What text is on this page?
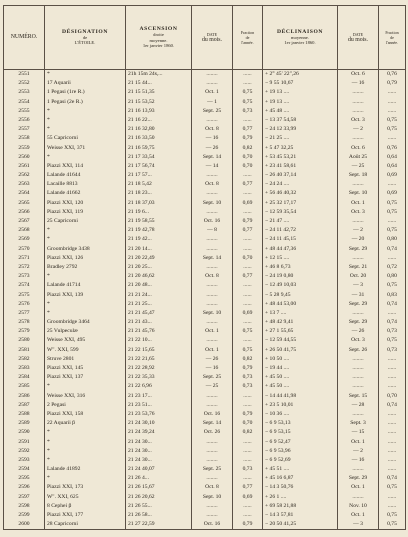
NUMÉRO.	DÉSIGNATION
de
L'ÉTOILE.	ASCENSION
droite
moyenne.
1er janvier 1860.	DATE
du mois.	Fraction
de
l'année.	DÉCLINAISON
moyenne.
1er janvier 1860.	DATE
du mois.	Fraction
de
l'année.

2551	*	21h 15m 24s,...	........	......	+ 2° 45' 22",26	Oct. 6	0,76
2552	17 Aquarii	21 15 44...	........	......	− 9 55 10,67	— 16	0,79
2553	1 Pegasi (1re R.)	21 15 51,35	Oct. 1	0,75	+ 19 13 ....	........	......
2554	1 Pegasi (2e R.)	21 15 53,52	— 1	0,75	+ 19 13 ....	........	......
2555	*	21 16 13,93	Sept. 25	0,73	+ 45 48 ....	........	......
2556	*	21 16 22...	........	......	− 13 37 54,58	Oct. 3	0,75
2557	*	21 16 32,80	Oct. 8	0,77	− 24 12 33,99	— 2	0,75
2558	55 Capricorni	21 16 33,50	— 16	0,79	− 21 25 ....	........	......
2559	Weisse XXI, 371	21 16 59,75	— 26	0,82	+ 5 47 32,25	Oct. 6	0,76
2560	*	21 17 33,54	Sept. 14	0,70	+ 53 45 53,21	Août 25	0,64
2561	Piazzi XXI, 114	21 17 56,74	— 14	0,70	+ 23 41 58,61	— 25	0,64
2562	Lalande 41644	21 17 57...	........	......	− 26 40 37,14	Sept. 18	0,69
2563	Lacaille 8813	21 18 5,42	Oct. 8	0,77	− 24 24 ....	........	......
2564	Lalande 41662	21 18 23...	........	......	+ 56 46 40,32	Sept. 10	0,69
2565	Piazzi XXI, 120	21 18 37,03	Sept. 10	0,69	+ 25 32 17,17	Oct. 1	0,75
2566	Piazzi XXI, 119	21 19 6...	........	......	− 12 59 35,54	Oct. 3	0,75
2567	25 Capricorni	21 19 58,55	Oct. 16	0,79	− 21 47 ....	........	......
2568	*	21 19 42,78	— 8	0,77	− 24 11 42,72	— 2	0,75
2569	*	21 19 42...	........	......	− 24 11 45,15	— 20	0,80
2570	Groombridge 3438	21 20 14...	........	......	+ 48 44 47,36	Sept. 29	0,74
2571	Piazzi XXI, 126	21 20 22,49	Sept. 14	0,70	+ 12 15 ....	........	......
2572	Bradley 2792	21 20 25...	........	......	+ 46 8 6,73	Sept. 21	0,72
2573	*	21 20 46,62	Oct. 8	0,77	− 24 19 0,80	Oct. 20	0,80
2574	Lalande 41714	21 20 48...	........	......	− 12 49 10,03	— 3	0,75
2575	Piazzi XXI, 139	21 21 24...	........	......	− 5 28 9,45	— 31	0,83
2576	*	21 21 25...	........	......	+ 48 44 53,00	Sept. 29	0,74
2577	*	21 21 45,47	Sept. 10	0,69	+ 13 7 ....	........	......
2578	Groombridge 3464	21 21 43...	........	......	+ 48 42 9,41	Sept. 29	0,74
2579	25 Vulpeculæ	21 21 45,76	Oct. 1	0,75	+ 27 1 55,65	— 26	0,73
2580	Weisse XXI, 495	21 22 10...	........	......	− 12 59 44,55	Oct. 3	0,75
2581	W". XXI, 599	21 22 15,65	Oct. 1	0,75	+ 26 50 41,75	Sept. 26	0,73
2582	Struve 2801	21 22 21,65	— 26	0,82	+ 10 50 ....	........	......
2583	Piazzi XXI, 145	21 22 28,92	— 16	0,79	− 19 44 ....	........	......
2584	Piazzi XXI, 137	21 22 35,33	Sept. 25	0,73	+ 45 50 ....	........	......
2585	*	21 22 6,96	— 25	0,73	+ 45 50 ....	........	......
2586	Weisse XXI, 316	21 23 17...	........	......	− 14 44 41,98	Sept. 15	0,70
2587	2 Pegasi	21 23 51...	........	......	+ 23 5 10,01	— 28	0,74
2588	Piazzi XXI, 158	21 23 53,76	Oct. 16	0,79	− 10 36 ....	........	......
2589	22 Aquarii β	21 24 30,10	Sept. 14	0,70	− 6 9 53,13	Sept. 3	......
2590	*	21 24 39,24	Oct. 26	0,82	− 6 9 53,15	— 15	......
2591	*	21 24 30...	........	......	− 6 9 52,47	Oct. 1	......
2592	*	21 24 30...	........	......	− 6 9 53,96	— 2	......
2593	*	21 24 30...	........	......	− 6 9 52,69	— 16	......
2594	Lalande 41892	21 24 40,07	Sept. 25	0,73	+ 45 51 ....	........	......
2595	*	21 26 4...	........	......	+ 45 16 6,87	Sept. 29	0,74
2596	Piazzi XXI, 173	21 26 15,67	Oct. 8	0,77	− 14 3 50,76	Oct. 1	0,75
2597	W". XXI, 625	21 26 20,62	Sept. 10	0,69	+ 26 1 ....	........	......
2598	8 Cephei β	21 26 55...	........	......	+ 69 58 21,88	Nov. 10	......
2599	Piazzi XXI, 177	21 26 58...	........	......	− 14 3 57,81	Oct. 1	0,75
2600	28 Capricorni	21 27 22,59	Oct. 16	0,79	− 20 50 41,25	— 3	0,75
